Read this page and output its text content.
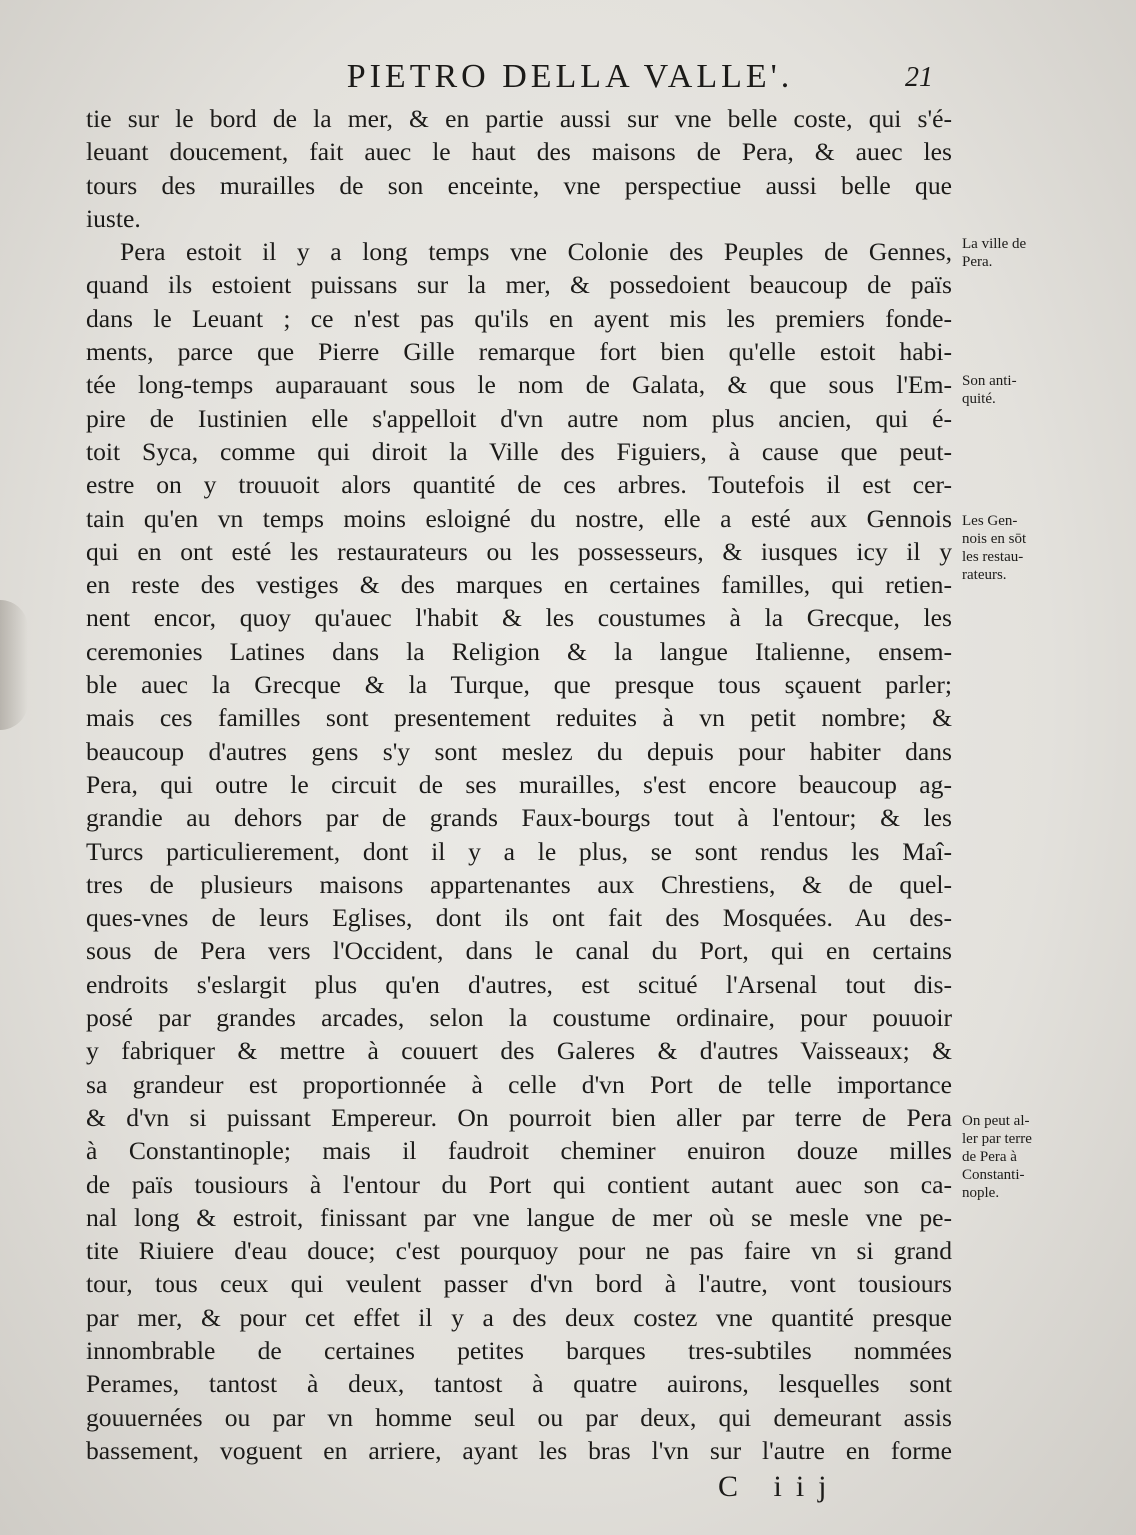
PIETRO DELLA VALLE'.	21
tie sur le bord de la mer, & en partie aussi sur vne belle coste, qui s'é-
leuant doucement, fait auec le haut des maisons de Pera, & auec les
tours des murailles de son enceinte, vne perspectiue aussi belle que
iuste.
Pera estoit il y a long temps vne Colonie des Peuples de Gennes,
quand ils estoient puissans sur la mer, & possedoient beaucoup de païs
dans le Leuant ; ce n'est pas qu'ils en ayent mis les premiers fonde-
ments, parce que Pierre Gille remarque fort bien qu'elle estoit habi-
tée long-temps auparauant sous le nom de Galata, & que sous l'Em-
pire de Iustinien elle s'appelloit d'vn autre nom plus ancien, qui é-
toit Syca, comme qui diroit la Ville des Figuiers, à cause que peut-
estre on y trouuoit alors quantité de ces arbres. Toutefois il est cer-
tain qu'en vn temps moins esloigné du nostre, elle a esté aux Gennois
qui en ont esté les restaurateurs ou les possesseurs, & iusques icy il y
en reste des vestiges & des marques en certaines familles, qui retien-
nent encor, quoy qu'auec l'habit & les coustumes à la Grecque, les
ceremonies Latines dans la Religion & la langue Italienne, ensem-
ble auec la Grecque & la Turque, que presque tous sçauent parler;
mais ces familles sont presentement reduites à vn petit nombre; &
beaucoup d'autres gens s'y sont meslez du depuis pour habiter dans
Pera, qui outre le circuit de ses murailles, s'est encore beaucoup ag-
grandie au dehors par de grands Faux-bourgs tout à l'entour; & les
Turcs particulierement, dont il y a le plus, se sont rendus les Maî-
tres de plusieurs maisons appartenantes aux Chrestiens, & de quel-
ques-vnes de leurs Eglises, dont ils ont fait des Mosquées. Au des-
sous de Pera vers l'Occident, dans le canal du Port, qui en certains
endroits s'eslargit plus qu'en d'autres, est scitué l'Arsenal tout dis-
posé par grandes arcades, selon la coustume ordinaire, pour pouuoir
y fabriquer & mettre à couuert des Galeres & d'autres Vaisseaux; &
sa grandeur est proportionnée à celle d'vn Port de telle importance
& d'vn si puissant Empereur. On pourroit bien aller par terre de Pera
à Constantinople; mais il faudroit cheminer enuiron douze milles
de païs tousiours à l'entour du Port qui contient autant auec son ca-
nal long & estroit, finissant par vne langue de mer où se mesle vne pe-
tite Riuiere d'eau douce; c'est pourquoy pour ne pas faire vn si grand
tour, tous ceux qui veulent passer d'vn bord à l'autre, vont tousiours
par mer, & pour cet effet il y a des deux costez vne quantité presque
innombrable de certaines petites barques tres-subtiles nommées
Perames, tantost à deux, tantost à quatre auirons, lesquelles sont
gouuernées ou par vn homme seul ou par deux, qui demeurant assis
bassement, voguent en arriere, ayant les bras l'vn sur l'autre en forme
La ville de
Pera.
Son anti-
quité.
Les Gen-
nois en sōt
les restau-
rateurs.
On peut al-
ler par terre
de Pera à
Constanti-
nople.
C iij
